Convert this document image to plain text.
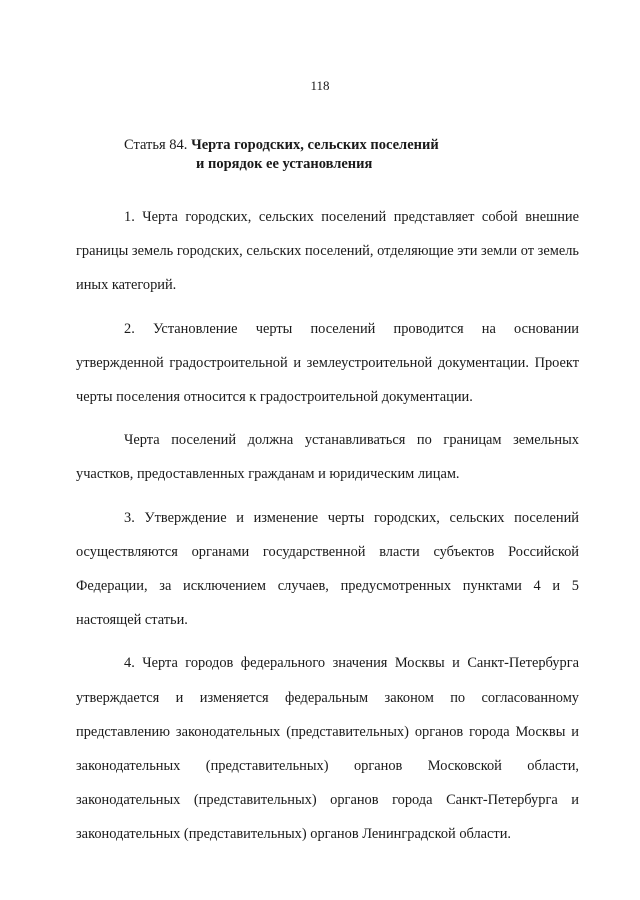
118
Статья 84. Черта городских, сельских поселений
и порядок ее установления

1. Черта городских, сельских поселений представляет собой внешние границы земель городских, сельских поселений, отделяющие эти земли от земель иных категорий.

2. Установление черты поселений проводится на основании утвержденной градостроительной и землеустроительной документации. Проект черты поселения относится к градостроительной документации.

Черта поселений должна устанавливаться по границам земельных участков, предоставленных гражданам и юридическим лицам.

3. Утверждение и изменение черты городских, сельских поселений осуществляются органами государственной власти субъектов Российской Федерации, за исключением случаев, предусмотренных пунктами 4 и 5 настоящей статьи.

4. Черта городов федерального значения Москвы и Санкт-Петербурга утверждается и изменяется федеральным законом по согласованному представлению законодательных (представительных) органов города Москвы и законодательных (представительных) органов Московской области, законодательных (представительных) органов города Санкт-Петербурга и законодательных (представительных) органов Ленинградской области.
